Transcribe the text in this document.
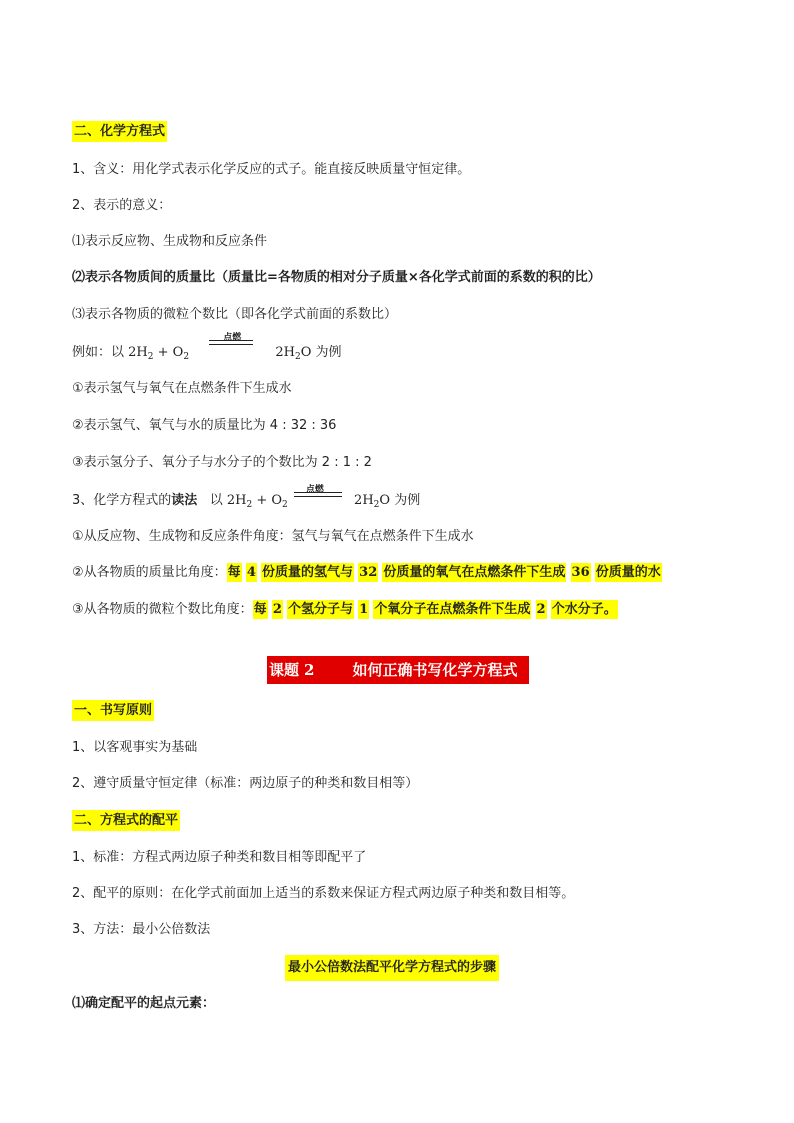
二、化学方程式
1、含义：用化学式表示化学反应的式子。能直接反映质量守恒定律。
2、表示的意义：
⑴表示反应物、生成物和反应条件
⑵表示各物质间的质量比（质量比=各物质的相对分子质量×各化学式前面的系数的积的比）
⑶表示各物质的微粒个数比（即各化学式前面的系数比）
例如：以 $2H_2 + O_2$
点燃
$2H_2O$ 为例
①表示氢气与氧气在点燃条件下生成水
②表示氢气、氧气与水的质量比为 4 : 32 : 36
③表示氢分子、氧分子与水分子的个数比为 2 : 1 : 2
3、化学方程式的读法 以 $2H_2 + O_2$
点燃
$2H_2O$ 为例
①从反应物、生成物和反应条件角度：氢气与氧气在点燃条件下生成水
②从各物质的质量比角度：每 4 份质量的氢气与 32 份质量的氧气在点燃条件下生成 36 份质量的水
③从各物质的微粒个数比角度：每 2 个氢分子与 1 个氧分子在点燃条件下生成 2 个水分子。
课题 2	如何正确书写化学方程式
一、书写原则
1、以客观事实为基础
2、遵守质量守恒定律（标准：两边原子的种类和数目相等）
二、方程式的配平
1、标准：方程式两边原子种类和数目相等即配平了
2、配平的原则：在化学式前面加上适当的系数来保证方程式两边原子种类和数目相等。
3、方法：最小公倍数法
最小公倍数法配平化学方程式的步骤
⑴确定配平的起点元素：
